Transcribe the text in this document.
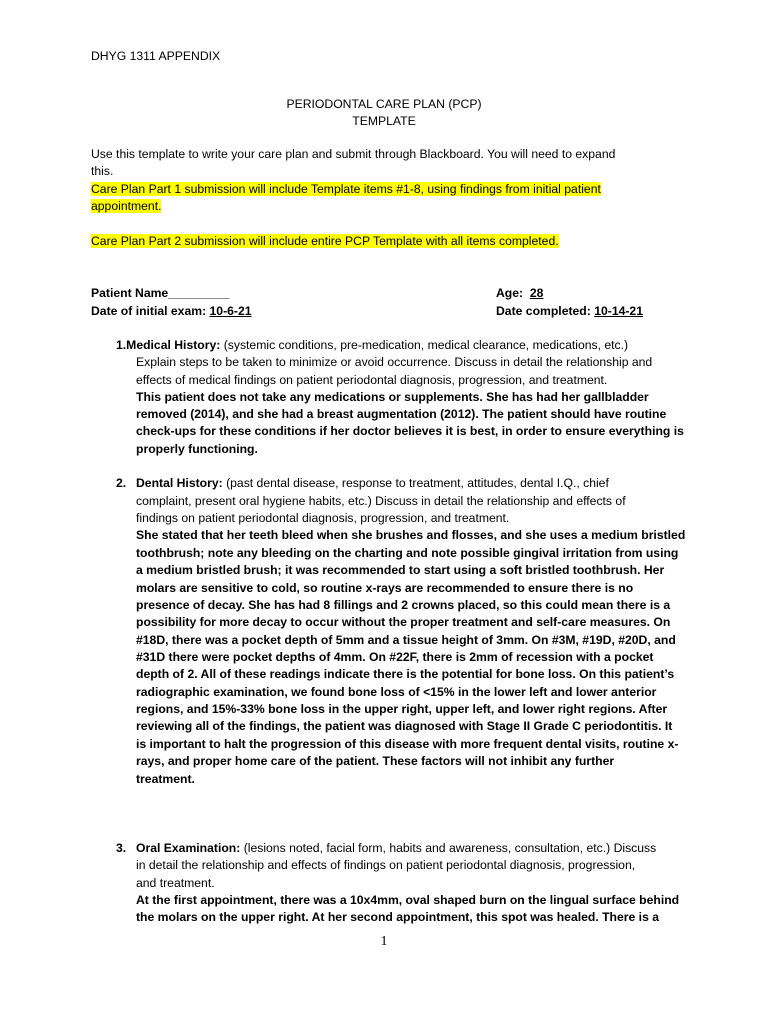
DHYG 1311 APPENDIX
PERIODONTAL CARE PLAN (PCP)
TEMPLATE
Use this template to write your care plan and submit through Blackboard. You will need to expand
this.
Care Plan Part 1 submission will include Template items #1-8, using findings from initial patient
appointment.
Care Plan Part 2 submission will include entire PCP Template with all items completed.
Patient Name_________	Age: 28
Date of initial exam: 10-6-21	Date completed: 10-14-21
1.Medical History: (systemic conditions, pre-medication, medical clearance, medications, etc.)
Explain steps to be taken to minimize or avoid occurrence. Discuss in detail the relationship and
effects of medical findings on patient periodontal diagnosis, progression, and treatment.
This patient does not take any medications or supplements. She has had her gallbladder
removed (2014), and she had a breast augmentation (2012). The patient should have routine
check-ups for these conditions if her doctor believes it is best, in order to ensure everything is
properly functioning.
2. Dental History: (past dental disease, response to treatment, attitudes, dental I.Q., chief
complaint, present oral hygiene habits, etc.) Discuss in detail the relationship and effects of
findings on patient periodontal diagnosis, progression, and treatment.
She stated that her teeth bleed when she brushes and flosses, and she uses a medium bristled
toothbrush; note any bleeding on the charting and note possible gingival irritation from using
a medium bristled brush; it was recommended to start using a soft bristled toothbrush. Her
molars are sensitive to cold, so routine x-rays are recommended to ensure there is no
presence of decay. She has had 8 fillings and 2 crowns placed, so this could mean there is a
possibility for more decay to occur without the proper treatment and self-care measures. On
#18D, there was a pocket depth of 5mm and a tissue height of 3mm. On #3M, #19D, #20D, and
#31D there were pocket depths of 4mm. On #22F, there is 2mm of recession with a pocket
depth of 2. All of these readings indicate there is the potential for bone loss. On this patient’s
radiographic examination, we found bone loss of <15% in the lower left and lower anterior
regions, and 15%-33% bone loss in the upper right, upper left, and lower right regions. After
reviewing all of the findings, the patient was diagnosed with Stage II Grade C periodontitis. It
is important to halt the progression of this disease with more frequent dental visits, routine x-
rays, and proper home care of the patient. These factors will not inhibit any further
treatment.
3. Oral Examination: (lesions noted, facial form, habits and awareness, consultation, etc.) Discuss
in detail the relationship and effects of findings on patient periodontal diagnosis, progression,
and treatment.
At the first appointment, there was a 10x4mm, oval shaped burn on the lingual surface behind
the molars on the upper right. At her second appointment, this spot was healed. There is a
1
